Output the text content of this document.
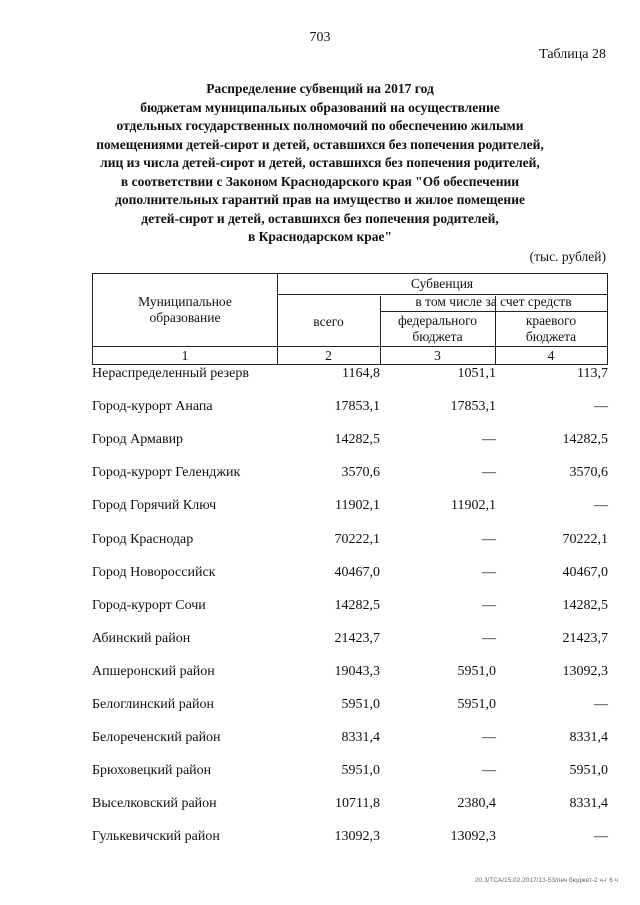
703
Таблица 28
Распределение субвенций на 2017 год
бюджетам муниципальных образований на осуществление
отдельных государственных полномочий по обеспечению жилыми
помещениями детей-сирот и детей, оставшихся без попечения родителей,
лиц из числа детей-сирот и детей, оставшихся без попечения родителей,
в соответствии с Законом Краснодарского края "Об обеспечении
дополнительных гарантий прав на имущество и жилое помещение
детей-сирот и детей, оставшихся без попечения родителей,
в Краснодарском крае"
(тыс. рублей)
Муниципальное
образование
Субвенция
всего
в том числе за счет средств
федерального
бюджета
краевого
бюджета
1	2	3	4
Нераспределенный резерв	1164,8	1051,1	113,7
Город-курорт Анапа	17853,1	17853,1	—
Город Армавир	14282,5	—	14282,5
Город-курорт Геленджик	3570,6	—	3570,6
Город Горячий Ключ	11902,1	11902,1	—
Город Краснодар	70222,1	—	70222,1
Город Новороссийск	40467,0	—	40467,0
Город-курорт Сочи	14282,5	—	14282,5
Абинский район	21423,7	—	21423,7
Апшеронский район	19043,3	5951,0	13092,3
Белоглинский район	5951,0	5951,0	—
Белореченский район	8331,4	—	8331,4
Брюховецкий район	5951,0	—	5951,0
Выселковский район	10711,8	2380,4	8331,4
Гулькевичский район	13092,3	13092,3	—
20.3/ТСА/15.02.2017/13-53/печ бюджет-2 ч-г 6 ч
